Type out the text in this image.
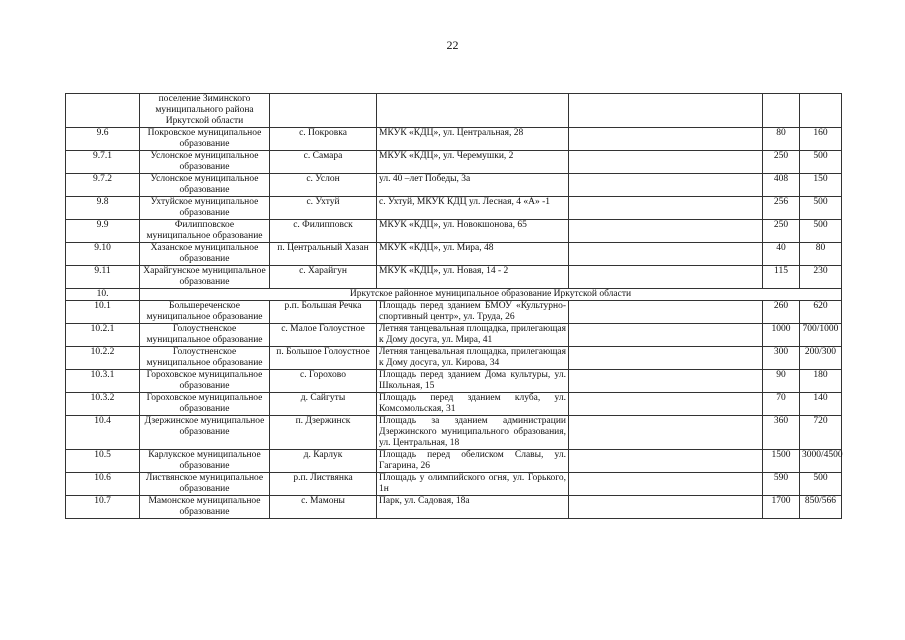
22
	поселение Зиминского муниципального района Иркутской области					
9.6	Покровское муниципальное образование	с. Покровка	МКУК «КДЦ», ул. Центральная, 28		80	160
9.7.1	Услонское муниципальное образование	с. Самара	МКУК «КДЦ», ул. Черемушки, 2		250	500
9.7.2	Услонское муниципальное образование	с. Услон	ул. 40 –лет Победы, 3а		408	150
9.8	Ухтуйское муниципальное образование	с. Ухтуй	с. Ухтуй, МКУК КДЦ ул. Лесная, 4 «А» -1		256	500
9.9	Филипповское муниципальное образование	с. Филипповск	МКУК «КДЦ», ул. Новокшонова, 65		250	500
9.10	Хазанское муниципальное образование	п. Центральный Хазан	МКУК «КДЦ», ул. Мира, 48		40	80
9.11	Харайгунское муниципальное образование	с. Харайгун	МКУК «КДЦ», ул. Новая, 14 - 2		115	230
10.	Иркутское районное муниципальное образование Иркутской области					
10.1	Большереченское муниципальное образование	р.п. Большая Речка	Площадь перед зданием БМОУ «Культурно-спортивный центр», ул. Труда, 26		260	620
10.2.1	Голоустненское муниципальное образование	с. Малое Голоустное	Летняя танцевальная площадка, прилегающая к Дому досуга, ул. Мира, 41		1000	700/1000
10.2.2	Голоустненское муниципальное образование	п. Большое Голоустное	Летняя танцевальная площадка, прилегающая к Дому досуга, ул. Кирова, 34		300	200/300
10.3.1	Гороховское муниципальное образование	с. Горохово	Площадь перед зданием Дома культуры, ул. Школьная, 15		90	180
10.3.2	Гороховское муниципальное образование	д. Сайгуты	Площадь перед зданием клуба, ул. Комсомольская, 31		70	140
10.4	Дзержинское муниципальное образование	п. Дзержинск	Площадь за зданием администрации Дзержинского муниципального образования, ул. Центральная, 18		360	720
10.5	Карлукское муниципальное образование	д. Карлук	Площадь перед обелиском Славы, ул. Гагарина, 26		1500	3000/4500
10.6	Листвянское муниципальное образование	р.п. Листвянка	Площадь у олимпийского огня, ул. Горького, 1н		590	500
10.7	Мамонское муниципальное образование	с. Мамоны	Парк, ул. Садовая, 18а		1700	850/566
